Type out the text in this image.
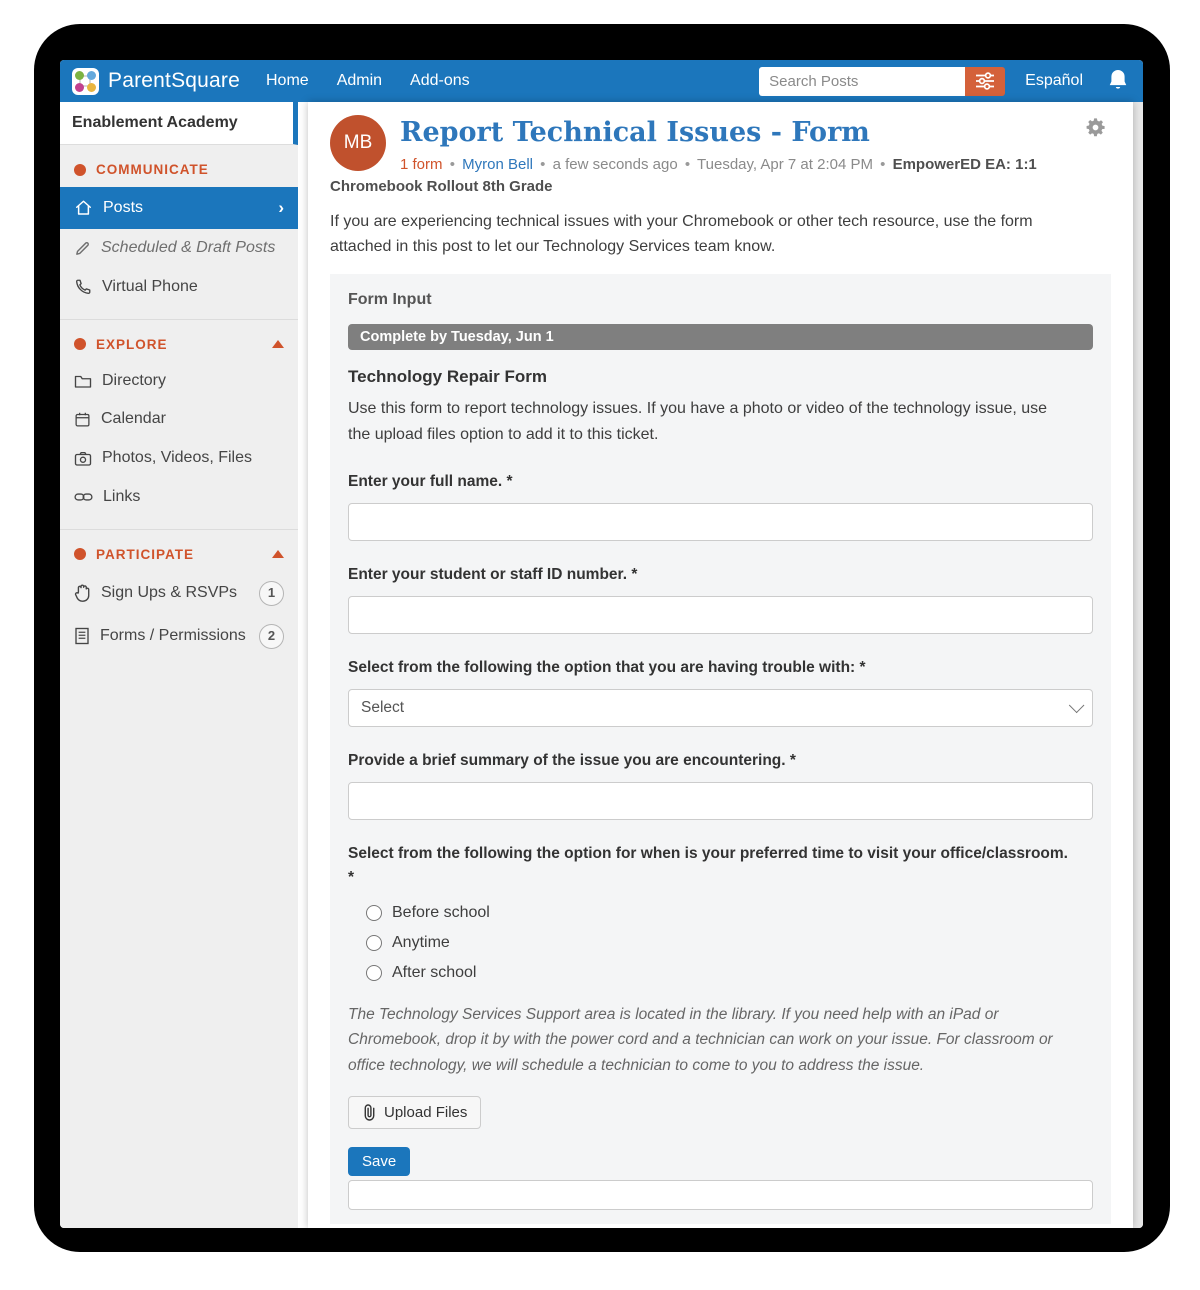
ParentSquare Home Admin Add-ons
Search Posts	Español
Enablement Academy
COMMUNICATE
Posts	›
Scheduled & Draft Posts
Virtual Phone
EXPLORE
Directory
Calendar
Photos, Videos, Files
Links
PARTICIPATE
Sign Ups & RSVPs	1
Forms / Permissions	2
MB	Report Technical Issues - Form
1 form • Myron Bell • a few seconds ago • Tuesday, Apr 7 at 2:04 PM • EmpowerED EA: 1:1
Chromebook Rollout 8th Grade
If you are experiencing technical issues with your Chromebook or other tech resource, use the form attached in this post to let our Technology Services team know.
Form Input
Complete by Tuesday, Jun 1
Technology Repair Form
Use this form to report technology issues. If you have a photo or video of the technology issue, use the upload files option to add it to this ticket.
Enter your full name. *
Enter your student or staff ID number. *
Select from the following the option that you are having trouble with: *
Select
Provide a brief summary of the issue you are encountering. *
Select from the following the option for when is your preferred time to visit your office/classroom.
*
Before school
Anytime
After school
The Technology Services Support area is located in the library. If you need help with an iPad or Chromebook, drop it by with the power cord and a technician can work on your issue. For classroom or office technology, we will schedule a technician to come to you to address the issue.
Upload Files
Save
